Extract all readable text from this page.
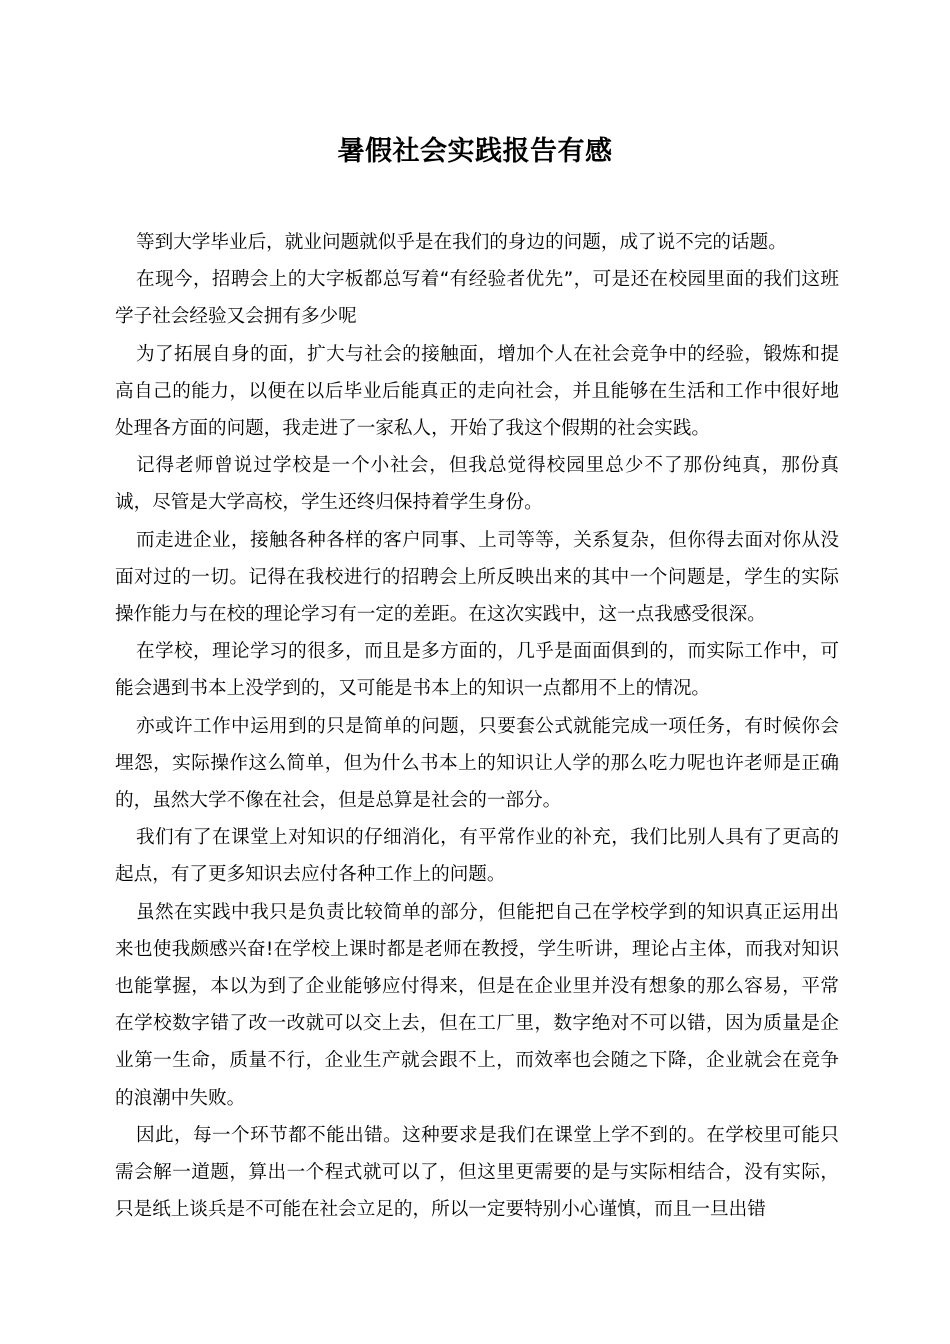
暑假社会实践报告有感

等到大学毕业后，就业问题就似乎是在我们的身边的问题，成了说不完的话题。

在现今，招聘会上的大字板都总写着“有经验者优先”，可是还在校园里面的我们这班学子社会经验又会拥有多少呢

为了拓展自身的面，扩大与社会的接触面，增加个人在社会竞争中的经验，锻炼和提高自己的能力，以便在以后毕业后能真正的走向社会，并且能够在生活和工作中很好地处理各方面的问题，我走进了一家私人，开始了我这个假期的社会实践。

记得老师曾说过学校是一个小社会，但我总觉得校园里总少不了那份纯真，那份真诚，尽管是大学高校，学生还终归保持着学生身份。

而走进企业，接触各种各样的客户同事、上司等等，关系复杂，但你得去面对你从没面对过的一切。记得在我校进行的招聘会上所反映出来的其中一个问题是，学生的实际操作能力与在校的理论学习有一定的差距。在这次实践中，这一点我感受很深。

在学校，理论学习的很多，而且是多方面的，几乎是面面俱到的，而实际工作中，可能会遇到书本上没学到的，又可能是书本上的知识一点都用不上的情况。

亦或许工作中运用到的只是简单的问题，只要套公式就能完成一项任务，有时候你会埋怨，实际操作这么简单，但为什么书本上的知识让人学的那么吃力呢也许老师是正确的，虽然大学不像在社会，但是总算是社会的一部分。

我们有了在课堂上对知识的仔细消化，有平常作业的补充，我们比别人具有了更高的起点，有了更多知识去应付各种工作上的问题。

虽然在实践中我只是负责比较简单的部分，但能把自己在学校学到的知识真正运用出来也使我颇感兴奋!在学校上课时都是老师在教授，学生听讲，理论占主体，而我对知识也能掌握，本以为到了企业能够应付得来，但是在企业里并没有想象的那么容易，平常在学校数字错了改一改就可以交上去，但在工厂里，数字绝对不可以错，因为质量是企业第一生命，质量不行，企业生产就会跟不上，而效率也会随之下降，企业就会在竞争的浪潮中失败。

因此，每一个环节都不能出错。这种要求是我们在课堂上学不到的。在学校里可能只需会解一道题，算出一个程式就可以了，但这里更需要的是与实际相结合，没有实际，只是纸上谈兵是不可能在社会立足的，所以一定要特别小心谨慎，而且一旦出错
